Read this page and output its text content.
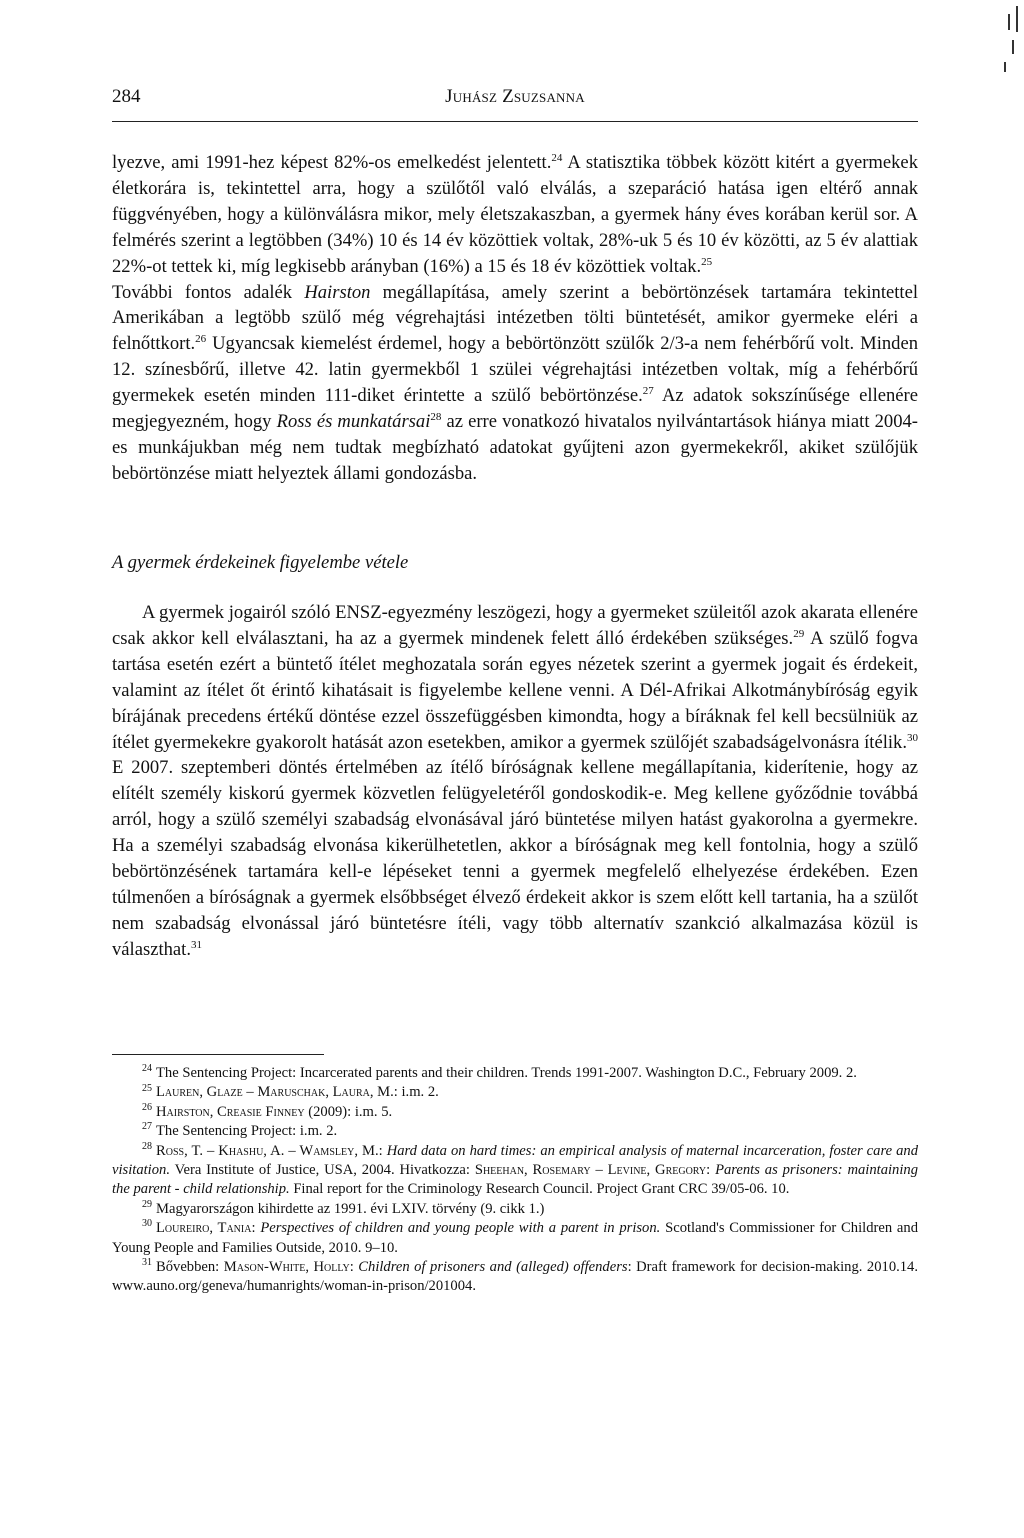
284	Juhász Zsuzsanna

lyezve, ami 1991-hez képest 82%-os emelkedést jelentett.$^{24}$ A statisztika többek között kitért a gyermekek életkorára is, tekintettel arra, hogy a szülőtől való elválás, a szeparáció hatása igen eltérő annak függvényében, hogy a különválásra mikor, mely életszakaszban, a gyermek hány éves korában kerül sor. A felmérés szerint a legtöbben (34%) 10 és 14 év közöttiek voltak, 28%-uk 5 és 10 év közötti, az 5 év alattiak 22%-ot tettek ki, míg legkisebb arányban (16%) a 15 és 18 év közöttiek voltak.$^{25}$

További fontos adalék Hairston megállapítása, amely szerint a bebörtönzések tartamára tekintettel Amerikában a legtöbb szülő még végrehajtási intézetben tölti büntetését, amikor gyermeke eléri a felnőttkort.$^{26}$ Ugyancsak kiemelést érdemel, hogy a bebörtönzött szülők 2/3-a nem fehérbőrű volt. Minden 12. színesbőrű, illetve 42. latin gyermekből 1 szülei végrehajtási intézetben voltak, míg a fehérbőrű gyermekek esetén minden 111-diket érintette a szülő bebörtönzése.$^{27}$ Az adatok sokszínűsége ellenére megjegyezném, hogy Ross és munkatársai$^{28}$ az erre vonatkozó hivatalos nyilvántartások hiánya miatt 2004-es munkájukban még nem tudtak megbízható adatokat gyűjteni azon gyermekekről, akiket szülőjük bebörtönzése miatt helyeztek állami gondozásba.

A gyermek érdekeinek figyelembe vétele

A gyermek jogairól szóló ENSZ-egyezmény leszögezi, hogy a gyermeket szüleitől azok akarata ellenére csak akkor kell elválasztani, ha az a gyermek mindenek felett álló érdekében szükséges.$^{29}$ A szülő fogva tartása esetén ezért a büntető ítélet meghozatala során egyes nézetek szerint a gyermek jogait és érdekeit, valamint az ítélet őt érintő kihatásait is figyelembe kellene venni. A Dél-Afrikai Alkotmánybíróság egyik bírájának precedens értékű döntése ezzel összefüggésben kimondta, hogy a bíráknak fel kell becsülniük az ítélet gyermekekre gyakorolt hatását azon esetekben, amikor a gyermek szülőjét szabadságelvonásra ítélik.$^{30}$ E 2007. szeptemberi döntés értelmében az ítélő bíróságnak kellene megállapítania, kiderítenie, hogy az elítélt személy kiskorú gyermek közvetlen felügyeletéről gondoskodik-e. Meg kellene győződnie továbbá arról, hogy a szülő személyi szabadság elvonásával járó büntetése milyen hatást gyakorolna a gyermekre. Ha a személyi szabadság elvonása kikerülhetetlen, akkor a bíróságnak meg kell fontolnia, hogy a szülő bebörtönzésének tartamára kell-e lépéseket tenni a gyermek megfelelő elhelyezése érdekében. Ezen túlmenően a bíróságnak a gyermek elsőbbséget élvező érdekeit akkor is szem előtt kell tartania, ha a szülőt nem szabadság elvonással járó büntetésre ítéli, vagy több alternatív szankció alkalmazása közül is választhat.$^{31}$

$^{24}$ The Sentencing Project: Incarcerated parents and their children. Trends 1991-2007. Washington D.C., February 2009. 2.

$^{25}$ Lauren, Glaze – Maruschak, Laura, M.: i.m. 2.

$^{26}$ Hairston, Creasie Finney (2009): i.m. 5.

$^{27}$ The Sentencing Project: i.m. 2.

$^{28}$ Ross, T. – Khashu, A. – Wamsley, M.: Hard data on hard times: an empirical analysis of maternal incarceration, foster care and visitation. Vera Institute of Justice, USA, 2004. Hivatkozza: Sheehan, Rosemary – Levine, Gregory: Parents as prisoners: maintaining the parent - child relationship. Final report for the Criminology Research Council. Project Grant CRC 39/05-06. 10.

$^{29}$ Magyarországon kihirdette az 1991. évi LXIV. törvény (9. cikk 1.)

$^{30}$ Loureiro, Tania: Perspectives of children and young people with a parent in prison. Scotland's Commissioner for Children and Young People and Families Outside, 2010. 9–10.

$^{31}$ Bővebben: Mason-White, Holly: Children of prisoners and (alleged) offenders: Draft framework for decision-making. 2010.14. www.auno.org/geneva/humanrights/woman-in-prison/201004.
